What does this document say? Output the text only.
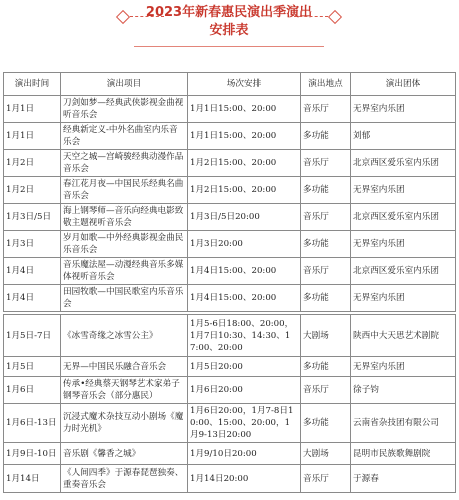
2023年新春惠民演出季演出
安排表
演出时间	演出项目	场次安排	演出地点	演出团体
1月1日	刀剑如梦—经典武侠影视金曲视听音乐会	1月1日15:00、20:00	音乐厅	无界室内乐团
1月1日	经典新定义-中外名曲室内乐音乐会	1月1日15:00、20:00	多功能	刘郁
1月2日	天空之城—宫崎骏经典动漫作品音乐会	1月2日15:00、20:00	音乐厅	北京西区爱乐室内乐团
1月2日	春江花月夜—中国民乐经典名曲音乐会	1月2日15:00、20:00	多功能	无界室内乐团
1月3日/5日	海上钢琴师—音乐向经典电影致敬主题视听音乐会	1月3日/5日20:00	音乐厅	北京西区爱乐室内乐团
1月3日	岁月如歌—中外经典影视金曲民乐音乐会	1月3日20:00	多功能	无界室内乐团
1月4日	音乐魔法屋—动漫经典音乐多媒体视听音乐会	1月4日15:00、20:00	音乐厅	北京西区爱乐室内乐团
1月4日	田园牧歌—中国民歌室内乐音乐会	1月4日15:00、20:00	多功能	无界室内乐团
1月5日-7日	《冰雪奇缘之冰雪公主》	1月5-6日18:00、20:00，1月7日10:30、14:30、17:00、20:00	大剧场	陕西中大天思艺术剧院
1月5日	无界—中国民乐融合音乐会	1月5日20:00	多功能	无界室内乐团
1月6日	传承•经典蔡天钢琴艺术家弟子钢琴音乐会（部分惠民）	1月6日20:00	音乐厅	徐子钧
1月6日-13日	沉浸式魔术杂技互动小剧场《魔力时光机》	1月6日20:00，1月7-8日10:00、15:00、20:00，1月9-13日20:00	多功能	云南省杂技团有限公司
1月9日-10日	音乐剧《馨香之城》	1月9/10日20:00	大剧场	昆明市民族歌舞剧院
1月14日	《人间四季》于源春琵琶独奏、重奏音乐会	1月14日20:00	音乐厅	于源春
